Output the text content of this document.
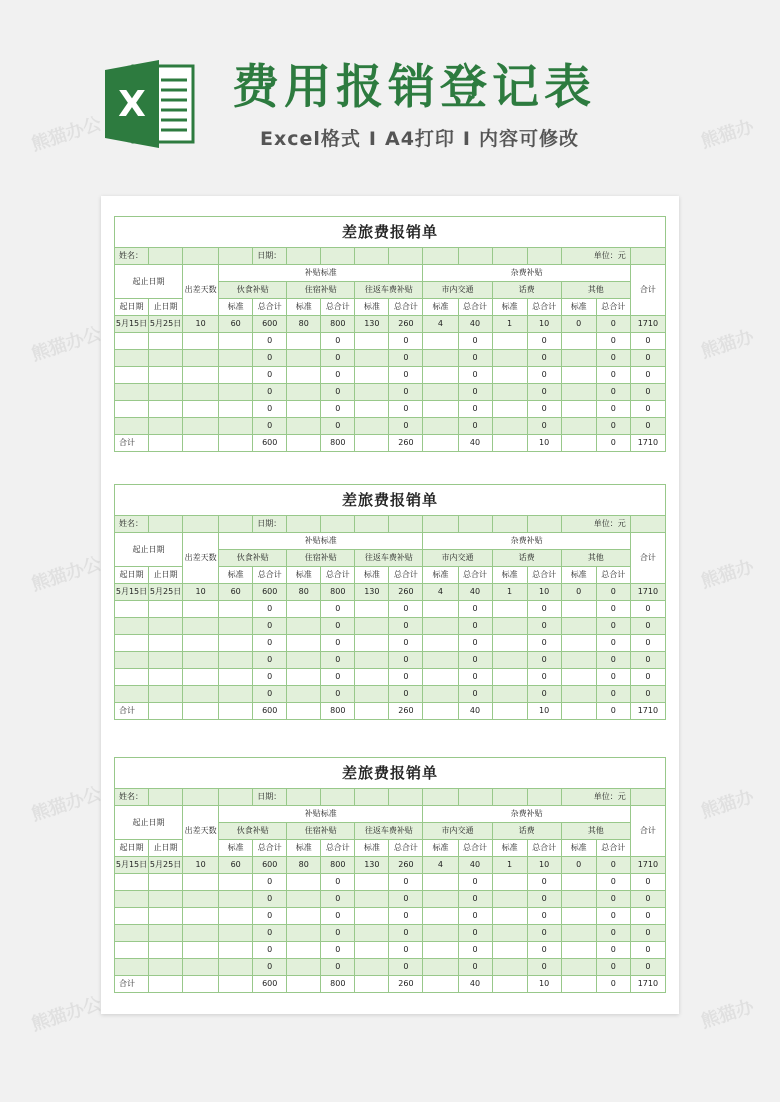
X 费用报销登记表
Excel格式 I A4打印 I 内容可修改
熊猫办公	熊猫办
熊猫办公	熊猫办
熊猫办公	熊猫办
熊猫办公	熊猫办
熊猫办公	熊猫办
差旅费报销单															
姓名：				日期：									单位：元		
起止日期		出差天数	补贴标准						杂费补贴						合计
			伙食补贴		住宿补贴		往返车费补贴		市内交通		话费		其他		
起日期	止日期		标准	总合计	标准	总合计	标准	总合计	标准	总合计	标准	总合计	标准	总合计	
5月15日	5月25日	10	60	600	80	800	130	260	4	40	1	10	0	0	1710
				0		0		0		0		0		0	0
				0		0		0		0		0		0	0
				0		0		0		0		0		0	0
				0		0		0		0		0		0	0
				0		0		0		0		0		0	0
				0		0		0		0		0		0	0
合计				600		800		260		40		10		0	1710
差旅费报销单															
姓名：				日期：									单位：元		
起止日期		出差天数	补贴标准						杂费补贴						合计
			伙食补贴		住宿补贴		往返车费补贴		市内交通		话费		其他		
起日期	止日期		标准	总合计	标准	总合计	标准	总合计	标准	总合计	标准	总合计	标准	总合计	
5月15日	5月25日	10	60	600	80	800	130	260	4	40	1	10	0	0	1710
				0		0		0		0		0		0	0
				0		0		0		0		0		0	0
				0		0		0		0		0		0	0
				0		0		0		0		0		0	0
				0		0		0		0		0		0	0
				0		0		0		0		0		0	0
合计				600		800		260		40		10		0	1710
差旅费报销单															
姓名：				日期：									单位：元		
起止日期		出差天数	补贴标准						杂费补贴						合计
			伙食补贴		住宿补贴		往返车费补贴		市内交通		话费		其他		
起日期	止日期		标准	总合计	标准	总合计	标准	总合计	标准	总合计	标准	总合计	标准	总合计	
5月15日	5月25日	10	60	600	80	800	130	260	4	40	1	10	0	0	1710
				0		0		0		0		0		0	0
				0		0		0		0		0		0	0
				0		0		0		0		0		0	0
				0		0		0		0		0		0	0
				0		0		0		0		0		0	0
				0		0		0		0		0		0	0
合计				600		800		260		40		10		0	1710
